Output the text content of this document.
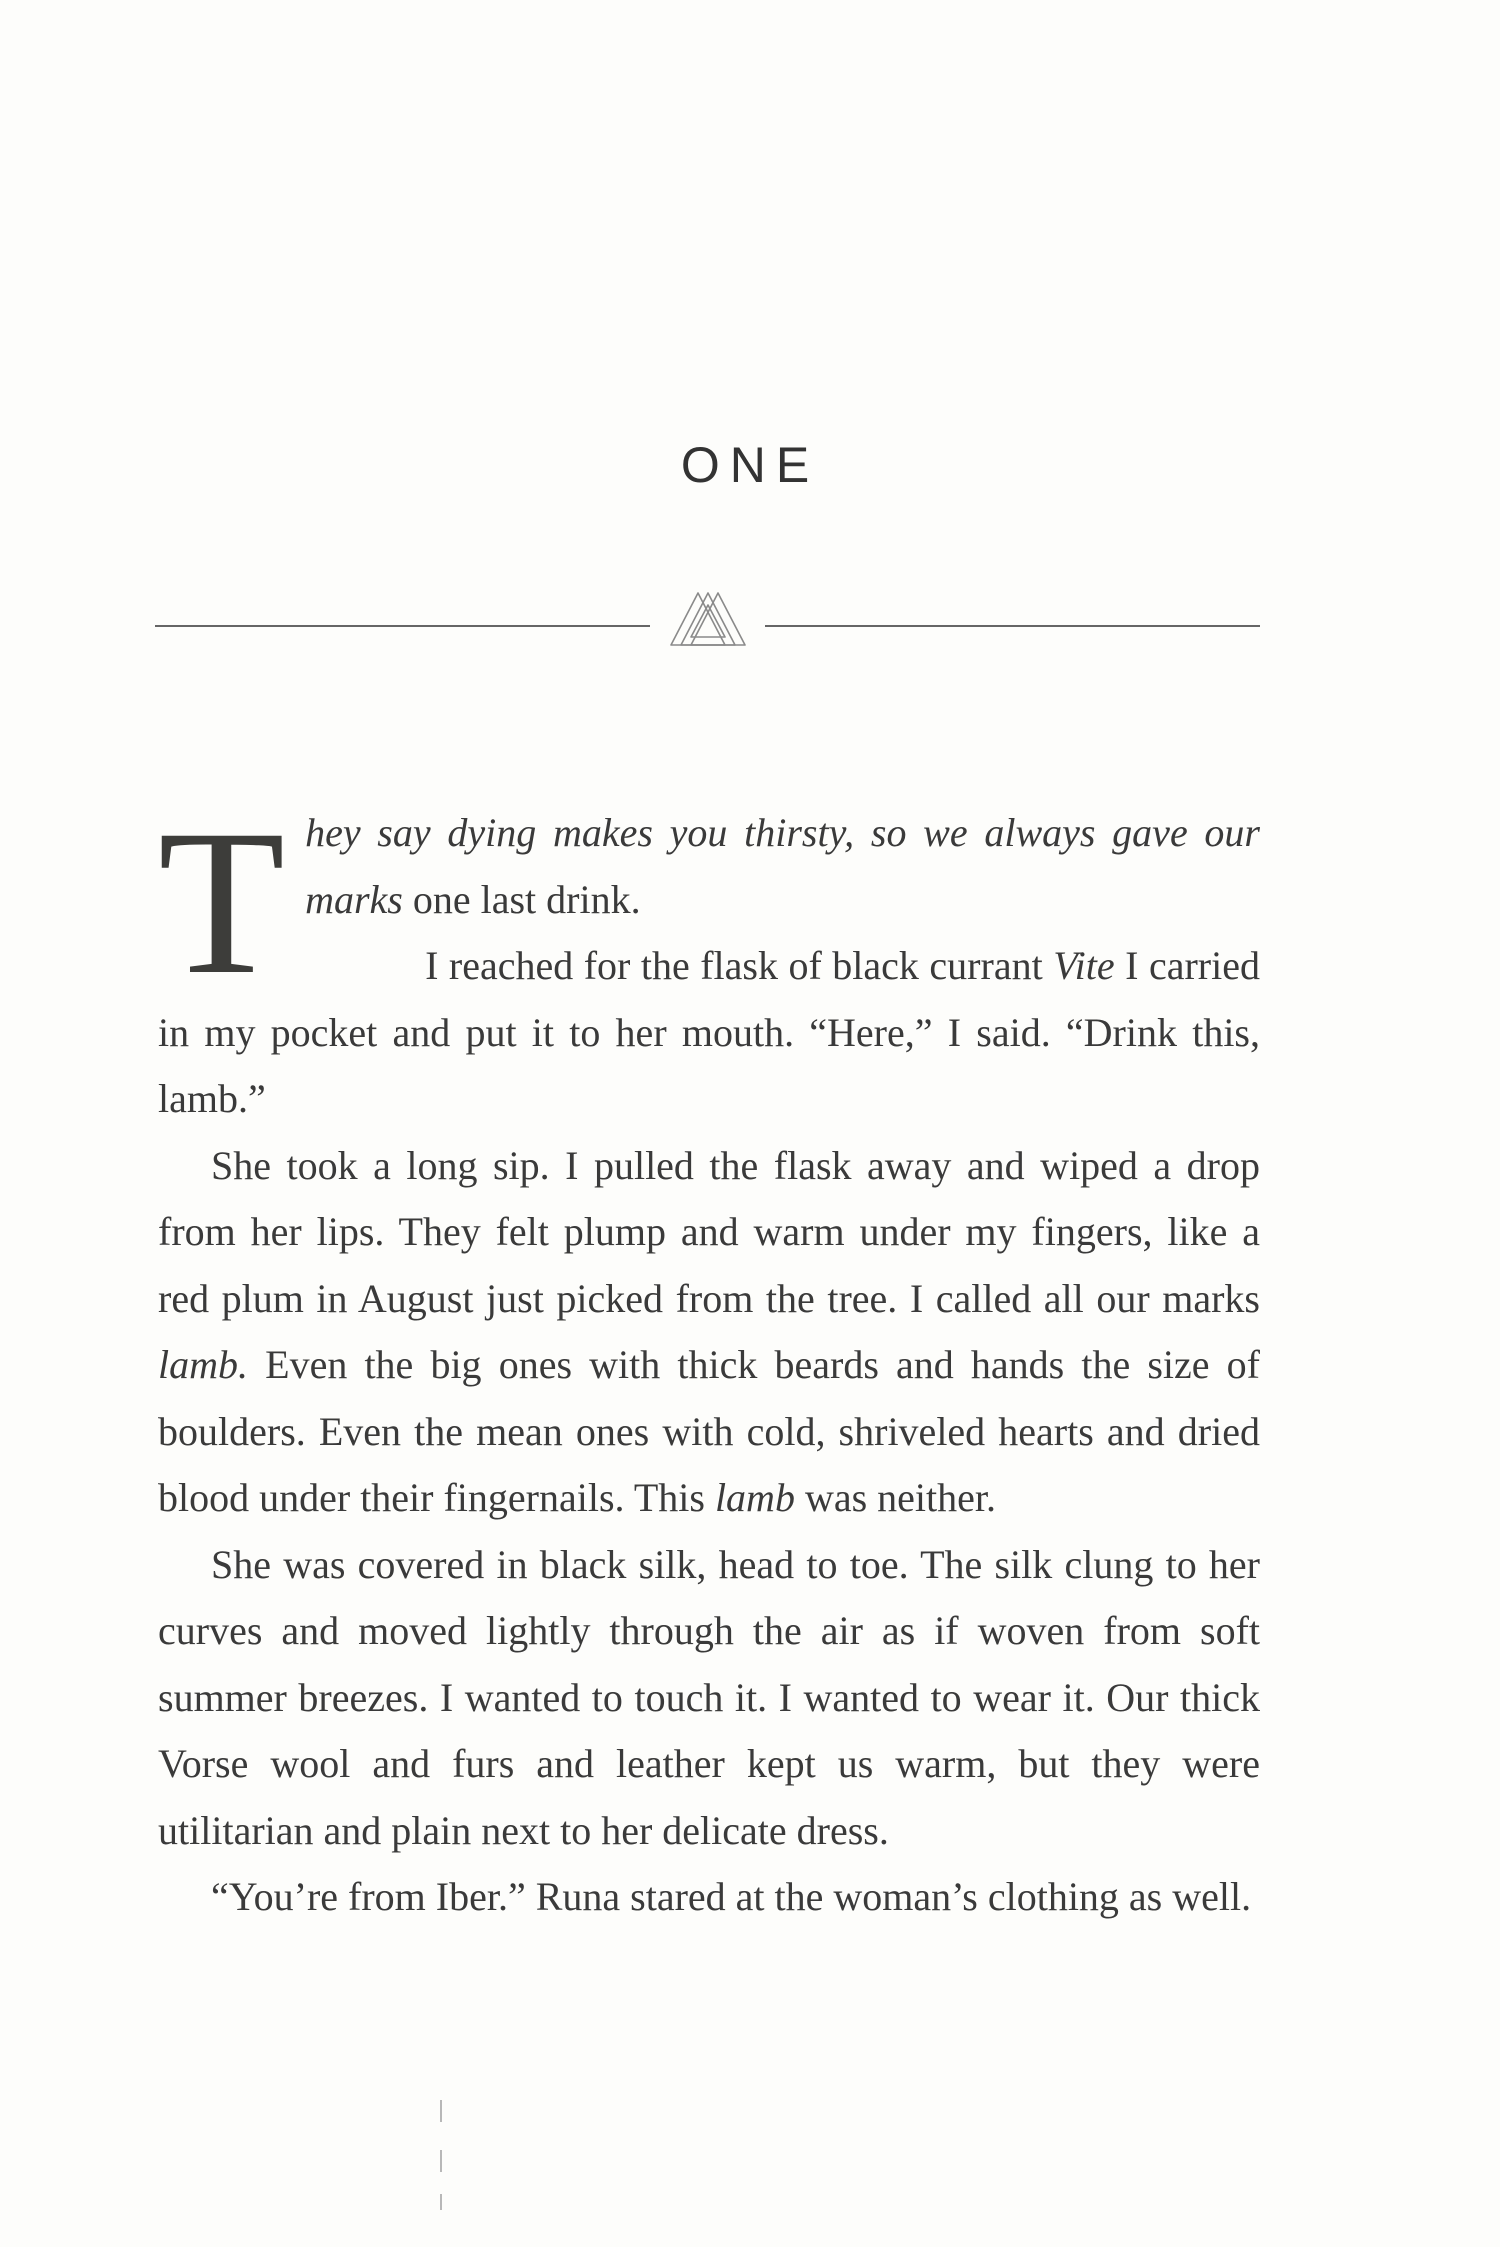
ONE

T hey say dying makes you thirsty, so we always gave our marks one last drink.

I reached for the flask of black currant Vite I carried in my pocket and put it to her mouth. “Here,” I said. “Drink this, lamb.”

She took a long sip. I pulled the flask away and wiped a drop from her lips. They felt plump and warm under my fingers, like a red plum in August just picked from the tree. I called all our marks lamb. Even the big ones with thick beards and hands the size of boulders. Even the mean ones with cold, shriveled hearts and dried blood under their fingernails. This lamb was neither.

She was covered in black silk, head to toe. The silk clung to her curves and moved lightly through the air as if woven from soft summer breezes. I wanted to touch it. I wanted to wear it. Our thick Vorse wool and furs and leather kept us warm, but they were utilitarian and plain next to her delicate dress.

“You’re from Iber.” Runa stared at the woman’s clothing as well.
